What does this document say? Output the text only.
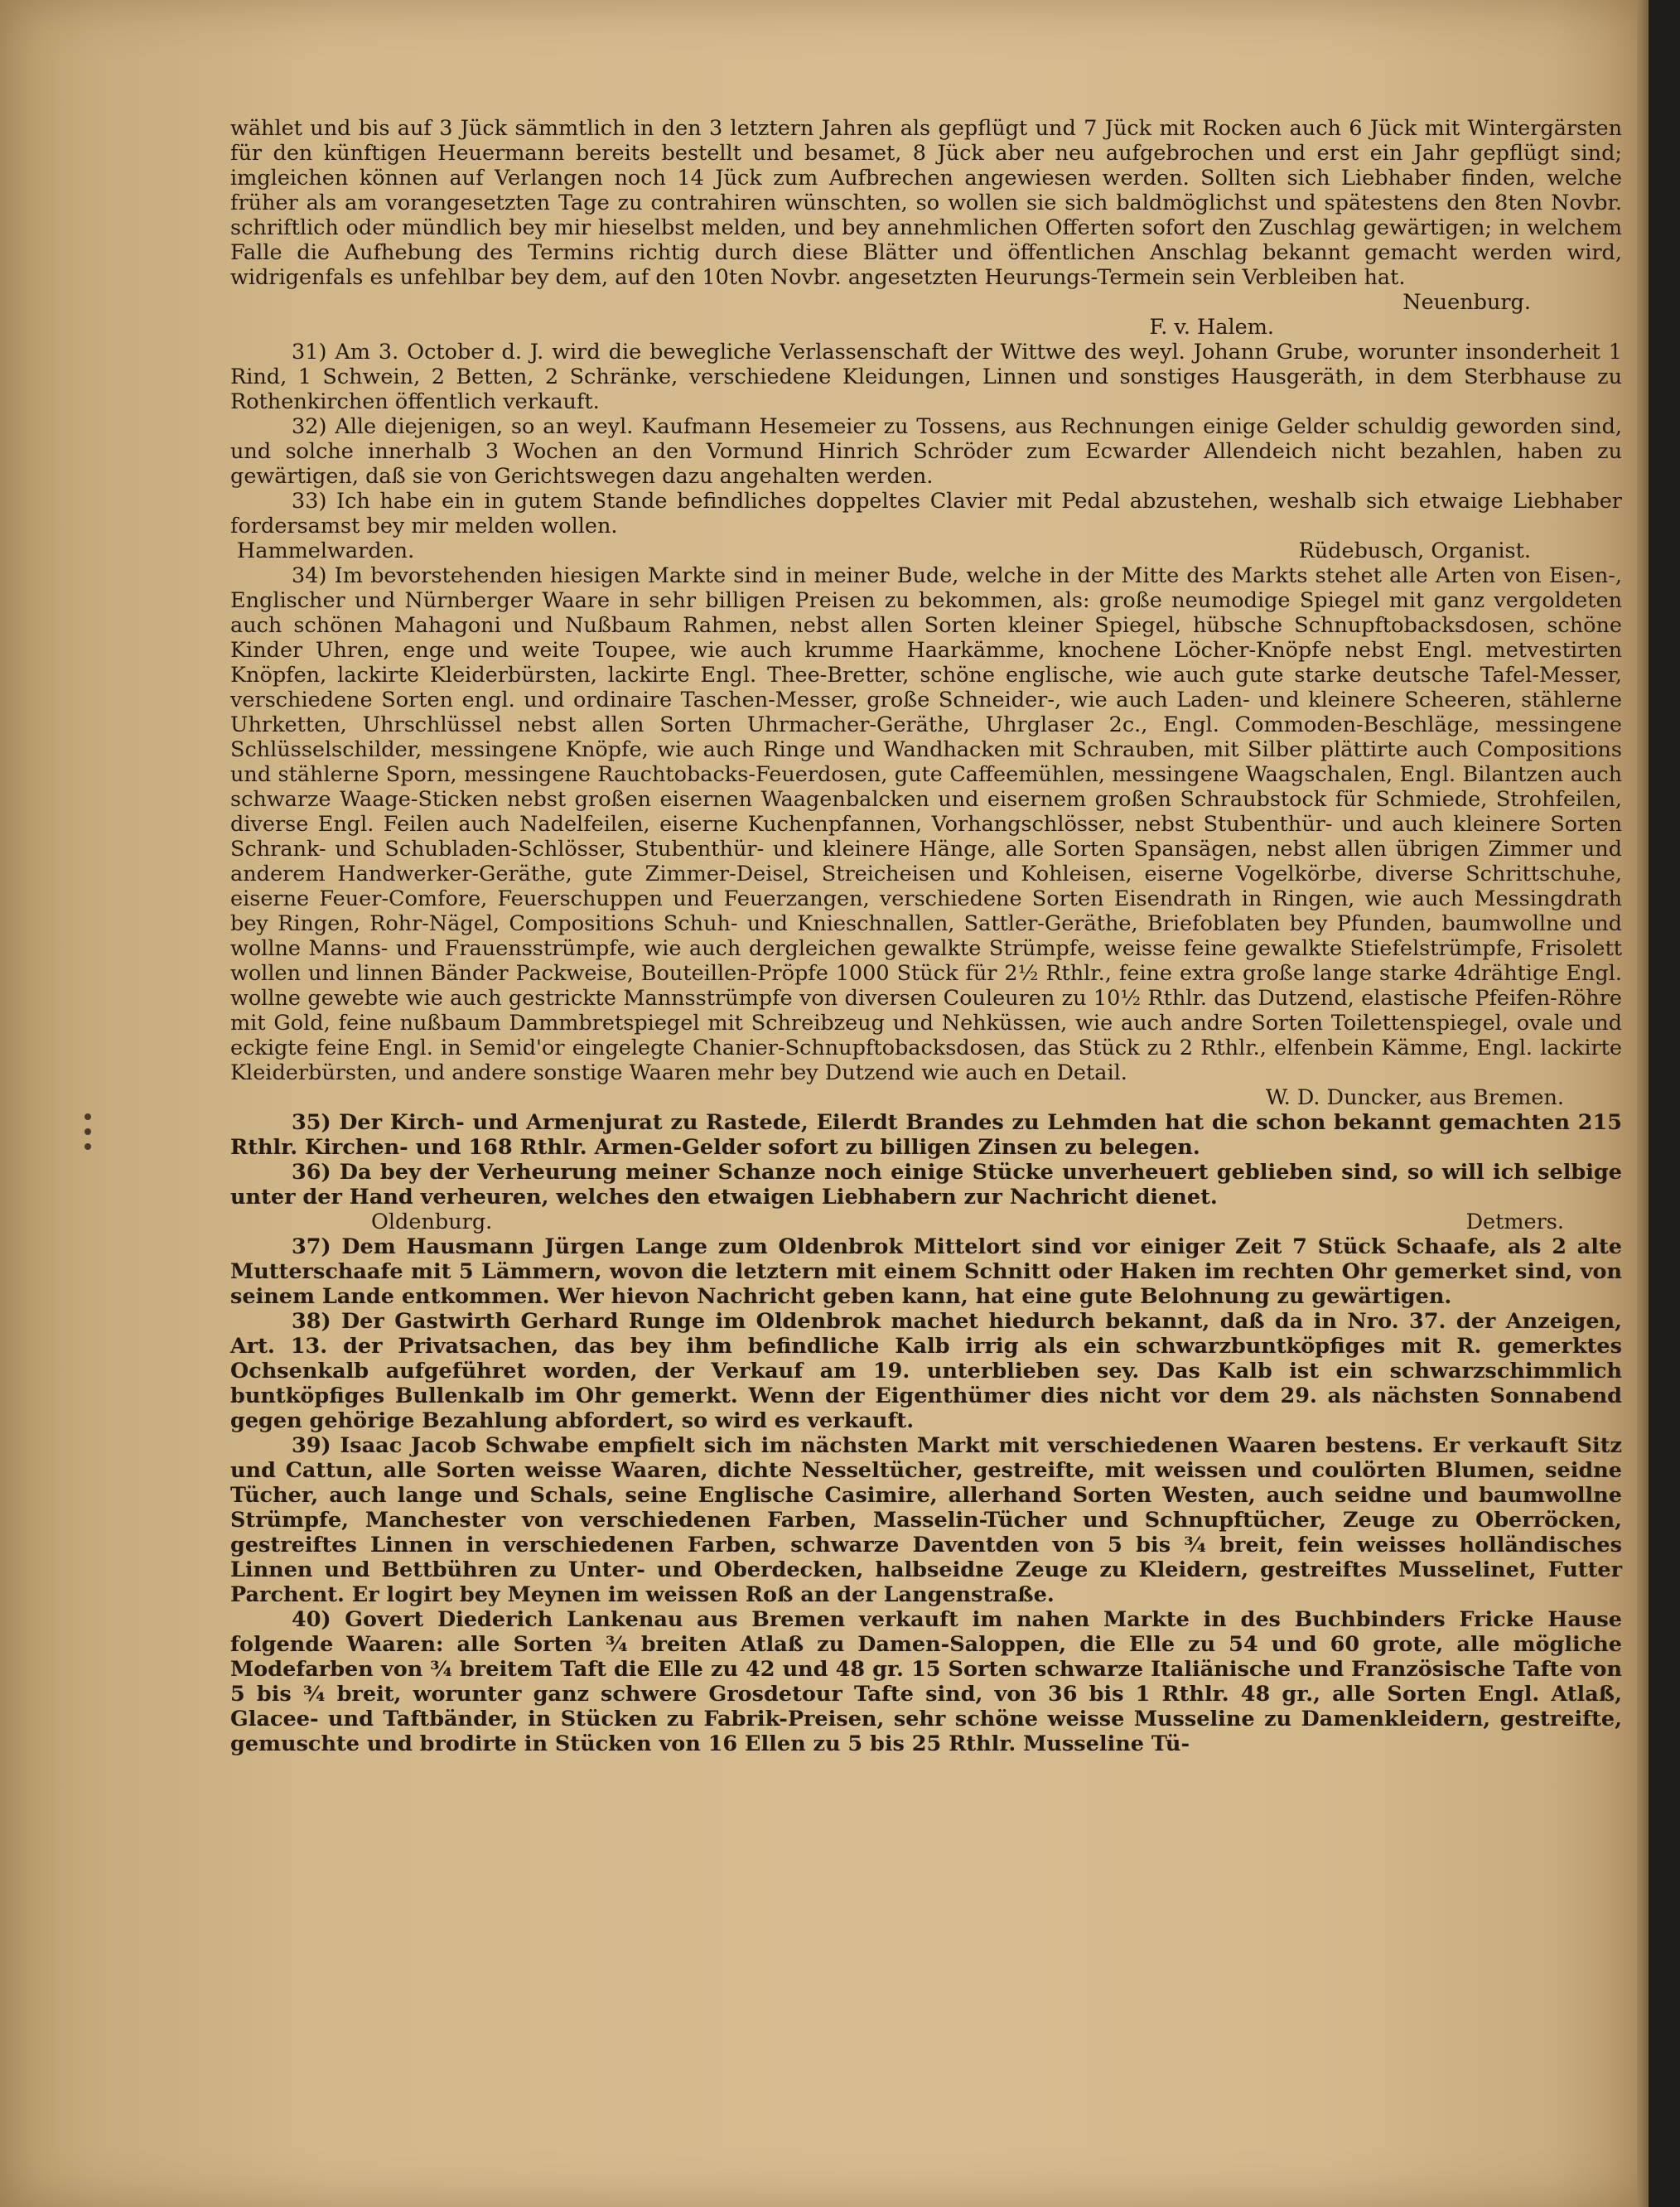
wählet und bis auf 3 Jück sämmtlich in den 3 letztern Jahren als gepflügt und 7 Jück mit Rocken auch 6 Jück mit Wintergärsten für den künftigen Heuermann bereits bestellt und besamet, 8 Jück aber neu aufgebrochen und erst ein Jahr gepflügt sind; imgleichen können auf Verlangen noch 14 Jück zum Aufbrechen angewiesen werden. Sollten sich Liebhaber finden, welche früher als am vorangesetzten Tage zu contrahiren wünschten, so wollen sie sich baldmöglichst und spätestens den 8ten Novbr. schriftlich oder mündlich bey mir hieselbst melden, und bey annehmlichen Offerten sofort den Zuschlag gewärtigen; in welchem Falle die Aufhebung des Termins richtig durch diese Blätter und öffentlichen Anschlag bekannt gemacht werden wird, widrigenfals es unfehlbar bey dem, auf den 10ten Novbr. angesetzten Heurungs-Termein sein Verbleiben hat.

Neuenburg.

F. v. Halem.

31) Am 3. October d. J. wird die bewegliche Verlassenschaft der Wittwe des weyl. Johann Grube, worunter insonderheit 1 Rind, 1 Schwein, 2 Betten, 2 Schränke, verschiedene Kleidungen, Linnen und sonstiges Hausgeräth, in dem Sterbhause zu Rothenkirchen öffentlich verkauft.

32) Alle diejenigen, so an weyl. Kaufmann Hesemeier zu Tossens, aus Rechnungen einige Gelder schuldig geworden sind, und solche innerhalb 3 Wochen an den Vormund Hinrich Schröder zum Ecwarder Allendeich nicht bezahlen, haben zu gewärtigen, daß sie von Gerichtswegen dazu angehalten werden.

33) Ich habe ein in gutem Stande befindliches doppeltes Clavier mit Pedal abzustehen, weshalb sich etwaige Liebhaber fordersamst bey mir melden wollen.

Hammelwarden.	Rüdebusch, Organist.

34) Im bevorstehenden hiesigen Markte sind in meiner Bude, welche in der Mitte des Markts stehet alle Arten von Eisen-, Englischer und Nürnberger Waare in sehr billigen Preisen zu bekommen, als: große neumodige Spiegel mit ganz vergoldeten auch schönen Mahagoni und Nußbaum Rahmen, nebst allen Sorten kleiner Spiegel, hübsche Schnupftobacksdosen, schöne Kinder Uhren, enge und weite Toupee, wie auch krumme Haarkämme, knochene Löcher-Knöpfe nebst Engl. metvestirten Knöpfen, lackirte Kleiderbürsten, lackirte Engl. Thee-Bretter, schöne englische, wie auch gute starke deutsche Tafel-Messer, verschiedene Sorten engl. und ordinaire Taschen-Messer, große Schneider-, wie auch Laden- und kleinere Scheeren, stählerne Uhrketten, Uhrschlüssel nebst allen Sorten Uhrmacher-Geräthe, Uhrglaser 2c., Engl. Commoden-Beschläge, messingene Schlüsselschilder, messingene Knöpfe, wie auch Ringe und Wandhacken mit Schrauben, mit Silber plättirte auch Compositions und stählerne Sporn, messingene Rauchtobacks-Feuerdosen, gute Caffeemühlen, messingene Waagschalen, Engl. Bilantzen auch schwarze Waage-Sticken nebst großen eisernen Waagenbalcken und eisernem großen Schraubstock für Schmiede, Strohfeilen, diverse Engl. Feilen auch Nadelfeilen, eiserne Kuchenpfannen, Vorhangschlösser, nebst Stubenthür- und auch kleinere Sorten Schrank- und Schubladen-Schlösser, Stubenthür- und kleinere Hänge, alle Sorten Spansägen, nebst allen übrigen Zimmer und anderem Handwerker-Geräthe, gute Zimmer-Deisel, Streicheisen und Kohleisen, eiserne Vogelkörbe, diverse Schrittschuhe, eiserne Feuer-Comfore, Feuerschuppen und Feuerzangen, verschiedene Sorten Eisendrath in Ringen, wie auch Messingdrath bey Ringen, Rohr-Nägel, Compositions Schuh- und Knieschnallen, Sattler-Geräthe, Briefoblaten bey Pfunden, baumwollne und wollne Manns- und Frauensstrümpfe, wie auch dergleichen gewalkte Strümpfe, weisse feine gewalkte Stiefelstrümpfe, Frisolett wollen und linnen Bänder Packweise, Bouteillen-Pröpfe 1000 Stück für 2½ Rthlr., feine extra große lange starke 4drähtige Engl. wollne gewebte wie auch gestrickte Mannsstrümpfe von diversen Couleuren zu 10½ Rthlr. das Dutzend, elastische Pfeifen-Röhre mit Gold, feine nußbaum Dammbretspiegel mit Schreibzeug und Nehküssen, wie auch andre Sorten Toilettenspiegel, ovale und eckigte feine Engl. in Semid'or eingelegte Chanier-Schnupftobacksdosen, das Stück zu 2 Rthlr., elfenbein Kämme, Engl. lackirte Kleiderbürsten, und andere sonstige Waaren mehr bey Dutzend wie auch en Detail.

W. D. Duncker, aus Bremen.

35) Der Kirch- und Armenjurat zu Rastede, Eilerdt Brandes zu Lehmden hat die schon bekannt gemachten 215 Rthlr. Kirchen- und 168 Rthlr. Armen-Gelder sofort zu billigen Zinsen zu belegen.

36) Da bey der Verheurung meiner Schanze noch einige Stücke unverheuert geblieben sind, so will ich selbige unter der Hand verheuren, welches den etwaigen Liebhabern zur Nachricht dienet.

Oldenburg.	Detmers.

37) Dem Hausmann Jürgen Lange zum Oldenbrok Mittelort sind vor einiger Zeit 7 Stück Schaafe, als 2 alte Mutterschaafe mit 5 Lämmern, wovon die letztern mit einem Schnitt oder Haken im rechten Ohr gemerket sind, von seinem Lande entkommen. Wer hievon Nachricht geben kann, hat eine gute Belohnung zu gewärtigen.

38) Der Gastwirth Gerhard Runge im Oldenbrok machet hiedurch bekannt, daß da in Nro. 37. der Anzeigen, Art. 13. der Privatsachen, das bey ihm befindliche Kalb irrig als ein schwarzbuntköpfiges mit R. gemerktes Ochsenkalb aufgeführet worden, der Verkauf am 19. unterblieben sey. Das Kalb ist ein schwarzschimmlich buntköpfiges Bullenkalb im Ohr gemerkt. Wenn der Eigenthümer dies nicht vor dem 29. als nächsten Sonnabend gegen gehörige Bezahlung abfordert, so wird es verkauft.

39) Isaac Jacob Schwabe empfielt sich im nächsten Markt mit verschiedenen Waaren bestens. Er verkauft Sitz und Cattun, alle Sorten weisse Waaren, dichte Nesseltücher, gestreifte, mit weissen und coulörten Blumen, seidne Tücher, auch lange und Schals, seine Englische Casimire, allerhand Sorten Westen, auch seidne und baumwollne Strümpfe, Manchester von verschiedenen Farben, Masselin-Tücher und Schnupftücher, Zeuge zu Oberröcken, gestreiftes Linnen in verschiedenen Farben, schwarze Daventden von 5 bis ¾ breit, fein weisses holländisches Linnen und Bettbühren zu Unter- und Oberdecken, halbseidne Zeuge zu Kleidern, gestreiftes Musselinet, Futter Parchent. Er logirt bey Meynen im weissen Roß an der Langenstraße.

40) Govert Diederich Lankenau aus Bremen verkauft im nahen Markte in des Buchbinders Fricke Hause folgende Waaren: alle Sorten ¾ breiten Atlaß zu Damen-Saloppen, die Elle zu 54 und 60 grote, alle mögliche Modefarben von ¾ breitem Taft die Elle zu 42 und 48 gr. 15 Sorten schwarze Italiänische und Französische Tafte von 5 bis ¾ breit, worunter ganz schwere Grosdetour Tafte sind, von 36 bis 1 Rthlr. 48 gr., alle Sorten Engl. Atlaß, Glacee- und Taftbänder, in Stücken zu Fabrik-Preisen, sehr schöne weisse Musseline zu Damenkleidern, gestreifte, gemuschte und brodirte in Stücken von 16 Ellen zu 5 bis 25 Rthlr. Musseline Tü-
